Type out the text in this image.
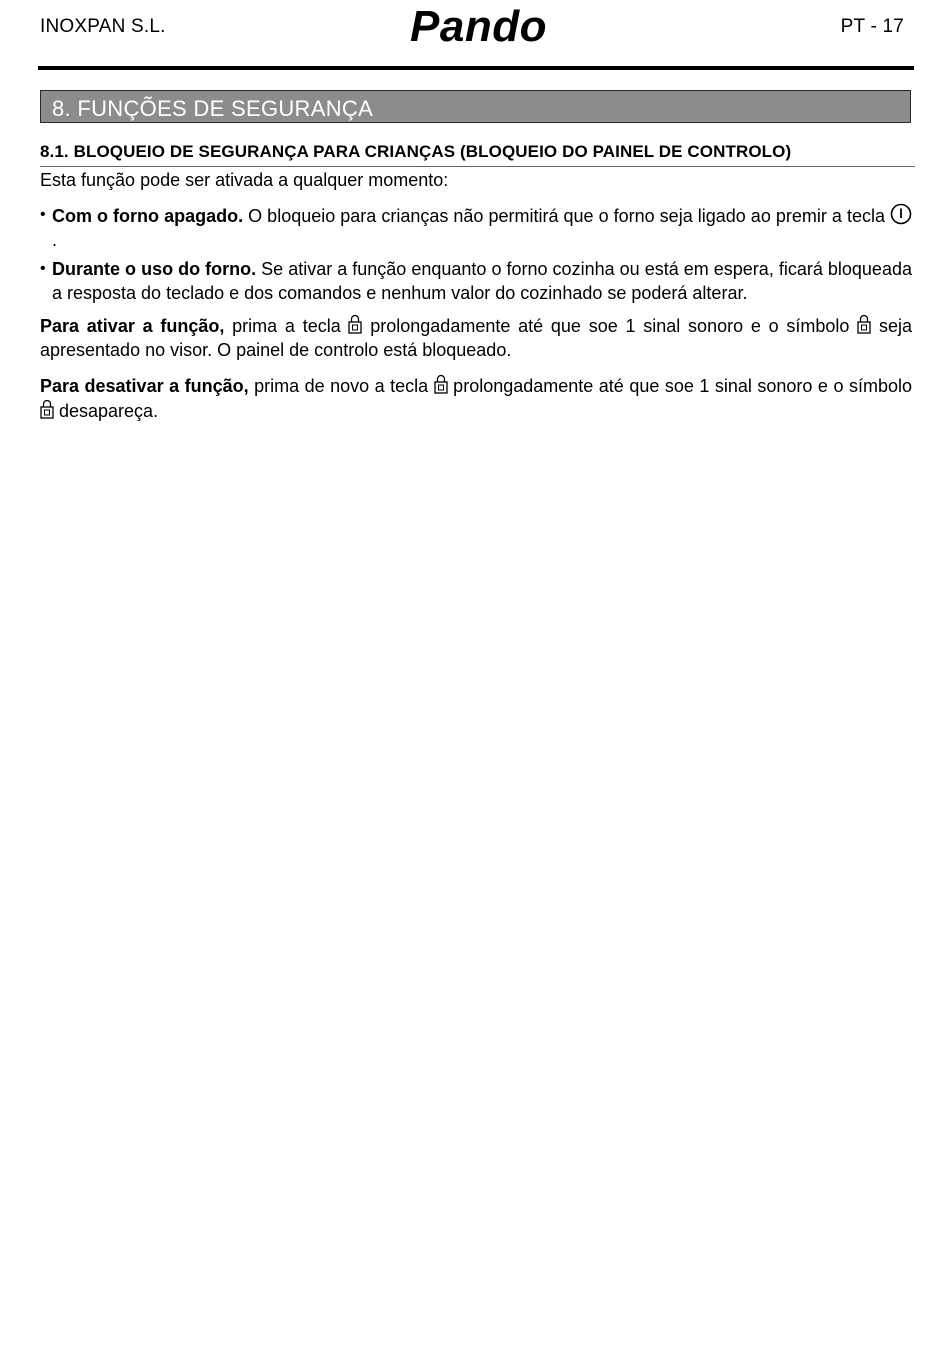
INOXPAN S.L.	Pando	PT - 17
8. FUNÇÕES DE SEGURANÇA
8.1. BLOQUEIO DE SEGURANÇA PARA CRIANÇAS (BLOQUEIO DO PAINEL DE CONTROLO)
Esta função pode ser ativada a qualquer momento:
• Com o forno apagado. O bloqueio para crianças não permitirá que o forno seja ligado ao premir a tecla
.
• Durante o uso do forno. Se ativar a função enquanto o forno cozinha ou está em espera, ficará bloqueada a resposta do teclado e dos comandos e nenhum valor do cozinhado se poderá alterar.
Para ativar a função, prima a tecla
prolongadamente até que soe 1 sinal sonoro e o símbolo
seja apresentado no visor. O painel de controlo está bloqueado.
Para desativar a função, prima de novo a tecla
prolongadamente até que soe 1 sinal sonoro e o símbolo
desapareça.
